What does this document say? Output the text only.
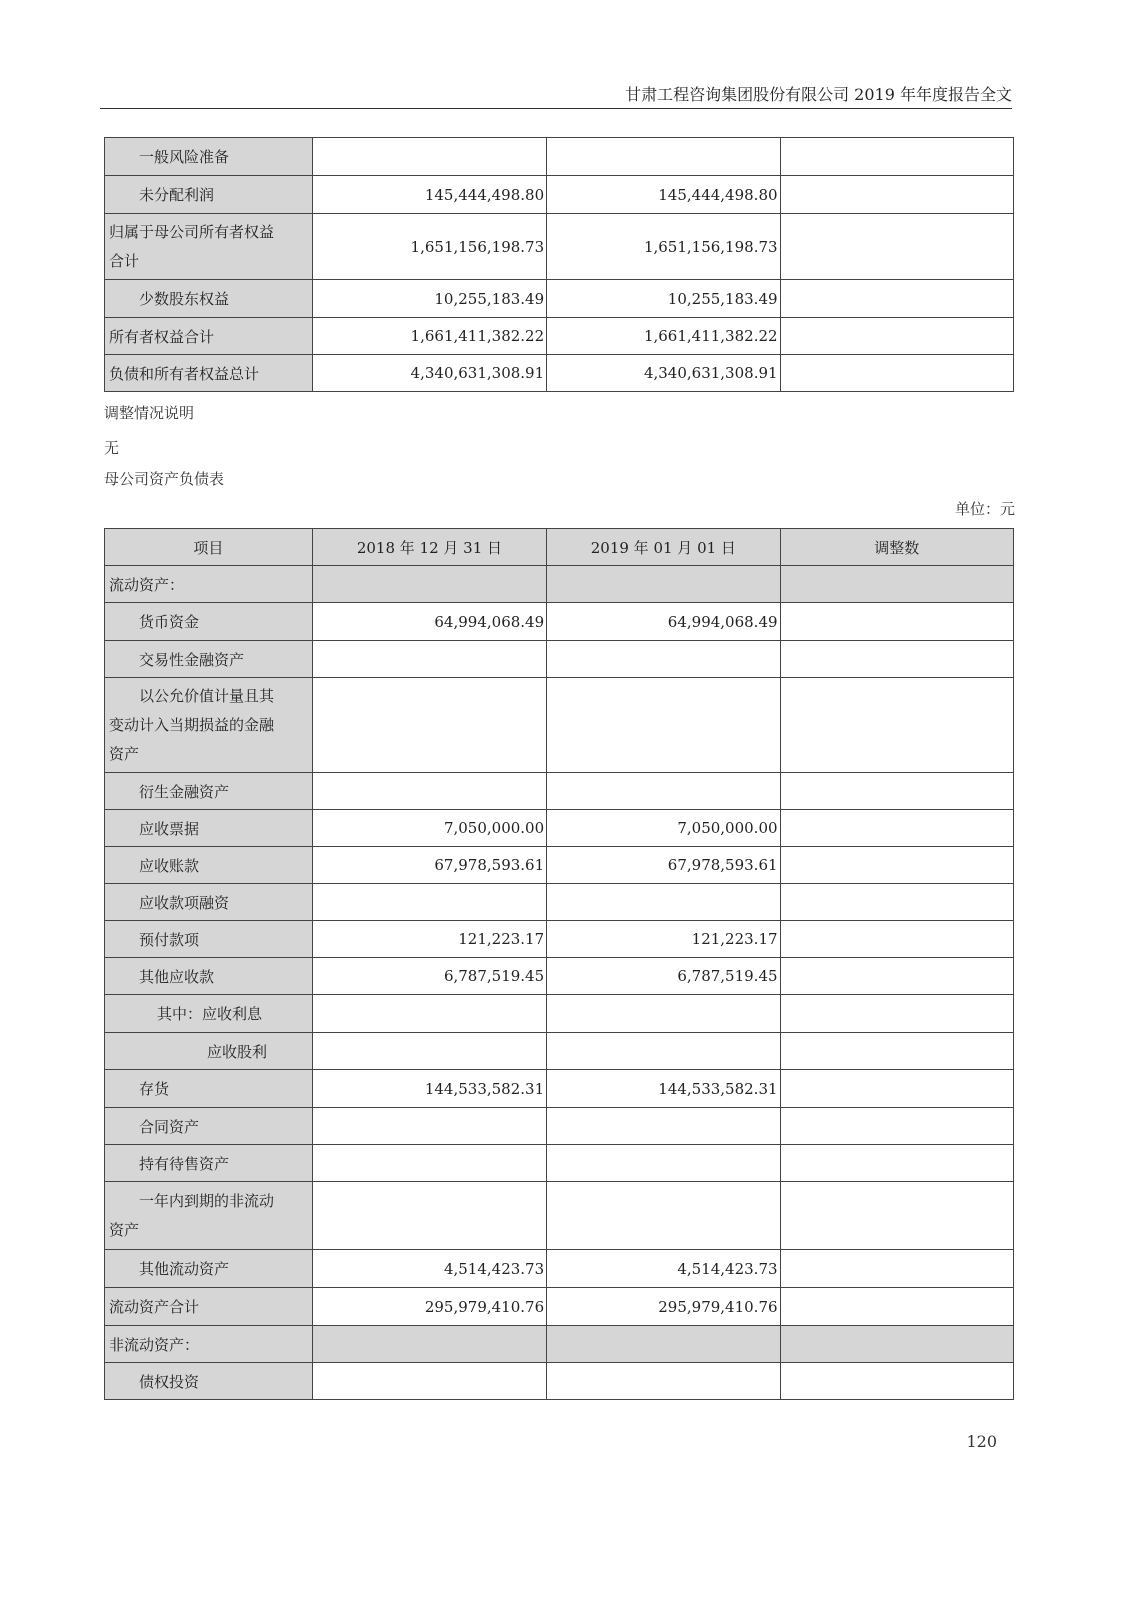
甘肃工程咨询集团股份有限公司 2019 年年度报告全文
一般风险准备			
未分配利润	145,444,498.80	145,444,498.80	

归属于母公司所有者权益
合计	1,651,156,198.73	1,651,156,198.73	
少数股东权益	10,255,183.49	10,255,183.49	
所有者权益合计	1,661,411,382.22	1,661,411,382.22	
负债和所有者权益总计	4,340,631,308.91	4,340,631,308.91	
调整情况说明
无
母公司资产负债表
单位：元
项目	2018 年 12 月 31 日	2019 年 01 月 01 日	调整数
流动资产：			
货币资金	64,994,068.49	64,994,068.49	
交易性金融资产			

以公允价值计量且其
变动计入当期损益的金融
资产			

衍生金融资产			
应收票据	7,050,000.00	7,050,000.00	
应收账款	67,978,593.61	67,978,593.61	
应收款项融资			
预付款项	121,223.17	121,223.17	
其他应收款	6,787,519.45	6,787,519.45	
其中：应收利息			
应收股利			
存货	144,533,582.31	144,533,582.31	
合同资产			
持有待售资产			

一年内到期的非流动
资产			

其他流动资产	4,514,423.73	4,514,423.73	
流动资产合计	295,979,410.76	295,979,410.76	
非流动资产：			
债权投资			
120
